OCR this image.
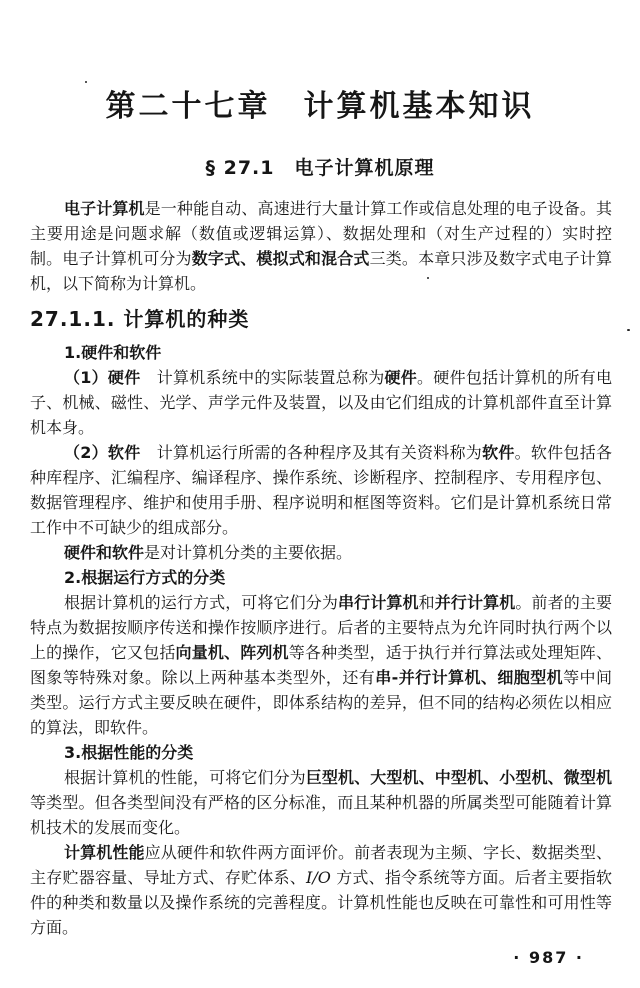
第二十七章　计算机基本知识
§ 27.1　电子计算机原理

电子计算机是一种能自动、高速进行大量计算工作或信息处理的电子设备。其主要用途是问题求解（数值或逻辑运算）、数据处理和（对生产过程的）实时控制。电子计算机可分为数字式、模拟式和混合式三类。本章只涉及数字式电子计算机，以下简称为计算机。

27.1.1. 计算机的种类

1.硬件和软件

（1）硬件　计算机系统中的实际装置总称为硬件。硬件包括计算机的所有电子、机械、磁性、光学、声学元件及装置，以及由它们组成的计算机部件直至计算机本身。

（2）软件　计算机运行所需的各种程序及其有关资料称为软件。软件包括各种库程序、汇编程序、编译程序、操作系统、诊断程序、控制程序、专用程序包、数据管理程序、维护和使用手册、程序说明和框图等资料。它们是计算机系统日常工作中不可缺少的组成部分。

硬件和软件是对计算机分类的主要依据。

2.根据运行方式的分类

根据计算机的运行方式，可将它们分为串行计算机和并行计算机。前者的主要特点为数据按顺序传送和操作按顺序进行。后者的主要特点为允许同时执行两个以上的操作，它又包括向量机、阵列机等各种类型，适于执行并行算法或处理矩阵、图象等特殊对象。除以上两种基本类型外，还有串-并行计算机、细胞型机等中间类型。运行方式主要反映在硬件，即体系结构的差异，但不同的结构必须佐以相应的算法，即软件。

3.根据性能的分类

根据计算机的性能，可将它们分为巨型机、大型机、中型机、小型机、微型机等类型。但各类型间没有严格的区分标准，而且某种机器的所属类型可能随着计算机技术的发展而变化。

计算机性能应从硬件和软件两方面评价。前者表现为主频、字长、数据类型、主存贮器容量、导址方式、存贮体系、I/O 方式、指令系统等方面。后者主要指软件的种类和数量以及操作系统的完善程度。计算机性能也反映在可靠性和可用性等方面。

· 987 ·
